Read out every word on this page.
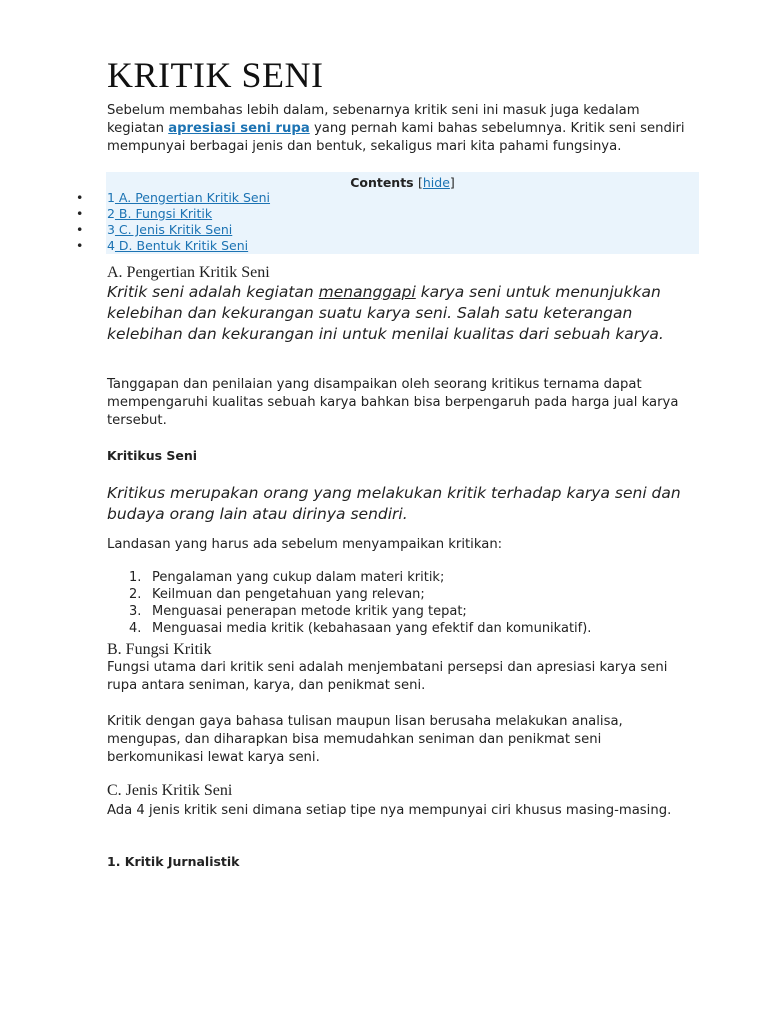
KRITIK SENI

Sebelum membahas lebih dalam, sebenarnya kritik seni ini masuk juga kedalam kegiatan apresiasi seni rupa yang pernah kami bahas sebelumnya. Kritik seni sendiri mempunyai berbagai jenis dan bentuk, sekaligus mari kita pahami fungsinya.

Contents [hide]
• 1 A. Pengertian Kritik Seni
• 2 B. Fungsi Kritik
• 3 C. Jenis Kritik Seni
• 4 D. Bentuk Kritik Seni
A. Pengertian Kritik Seni

Kritik seni adalah kegiatan menanggapi karya seni untuk menunjukkan kelebihan dan kekurangan suatu karya seni. Salah satu keterangan kelebihan dan kekurangan ini untuk menilai kualitas dari sebuah karya.

Tanggapan dan penilaian yang disampaikan oleh seorang kritikus ternama dapat mempengaruhi kualitas sebuah karya bahkan bisa berpengaruh pada harga jual karya tersebut.

Kritikus Seni

Kritikus merupakan orang yang melakukan kritik terhadap karya seni dan budaya orang lain atau dirinya sendiri.

Landasan yang harus ada sebelum menyampaikan kritikan:

1. Pengalaman yang cukup dalam materi kritik;
2. Keilmuan dan pengetahuan yang relevan;
3. Menguasai penerapan metode kritik yang tepat;
4. Menguasai media kritik (kebahasaan yang efektif dan komunikatif).
B. Fungsi Kritik

Fungsi utama dari kritik seni adalah menjembatani persepsi dan apresiasi karya seni rupa antara seniman, karya, dan penikmat seni.

Kritik dengan gaya bahasa tulisan maupun lisan berusaha melakukan analisa, mengupas, dan diharapkan bisa memudahkan seniman dan penikmat seni berkomunikasi lewat karya seni.

C. Jenis Kritik Seni

Ada 4 jenis kritik seni dimana setiap tipe nya mempunyai ciri khusus masing-masing.

1. Kritik Jurnalistik
